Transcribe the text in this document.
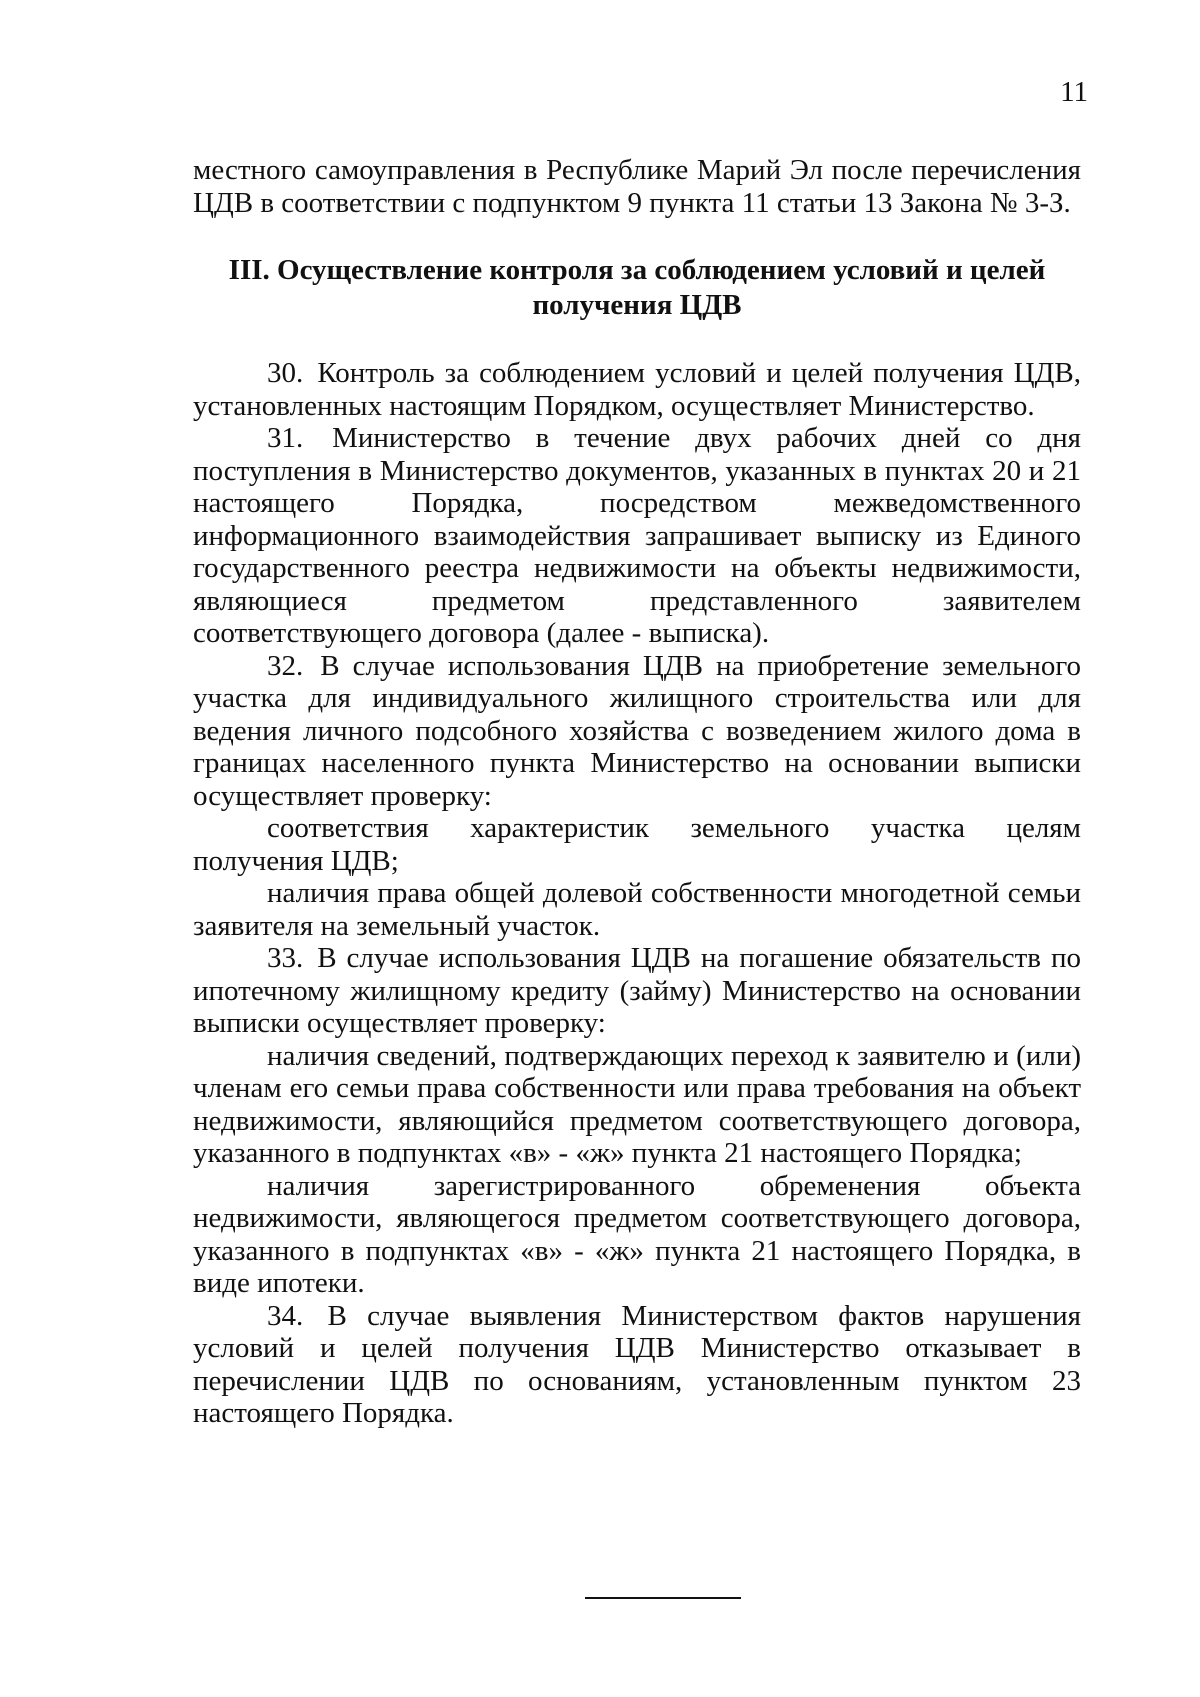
11

местного самоуправления в Республике Марий Эл после перечисления ЦДВ в соответствии с подпунктом 9 пункта 11 статьи 13 Закона № 3-З.

III. Осуществление контроля за соблюдением условий и целей
получения ЦДВ

30. Контроль за соблюдением условий и целей получения ЦДВ, установленных настоящим Порядком, осуществляет Министерство.

31. Министерство в течение двух рабочих дней со дня поступления в Министерство документов, указанных в пунктах 20 и 21 настоящего Порядка, посредством межведомственного информационного взаимодействия запрашивает выписку из Единого государственного реестра недвижимости на объекты недвижимости, являющиеся предметом представленного заявителем соответствующего договора (далее - выписка).

32. В случае использования ЦДВ на приобретение земельного участка для индивидуального жилищного строительства или для ведения личного подсобного хозяйства с возведением жилого дома в границах населенного пункта Министерство на основании выписки осуществляет проверку:

соответствия характеристик земельного участка целям получения ЦДВ;

наличия права общей долевой собственности многодетной семьи заявителя на земельный участок.

33. В случае использования ЦДВ на погашение обязательств по ипотечному жилищному кредиту (займу) Министерство на основании выписки осуществляет проверку:

наличия сведений, подтверждающих переход к заявителю и (или) членам его семьи права собственности или права требования на объект недвижимости, являющийся предметом соответствующего договора, указанного в подпунктах «в» - «ж» пункта 21 настоящего Порядка;

наличия зарегистрированного обременения объекта недвижимости, являющегося предметом соответствующего договора, указанного в подпунктах «в» - «ж» пункта 21 настоящего Порядка, в виде ипотеки.

34. В случае выявления Министерством фактов нарушения условий и целей получения ЦДВ Министерство отказывает в перечислении ЦДВ по основаниям, установленным пунктом 23 настоящего Порядка.
